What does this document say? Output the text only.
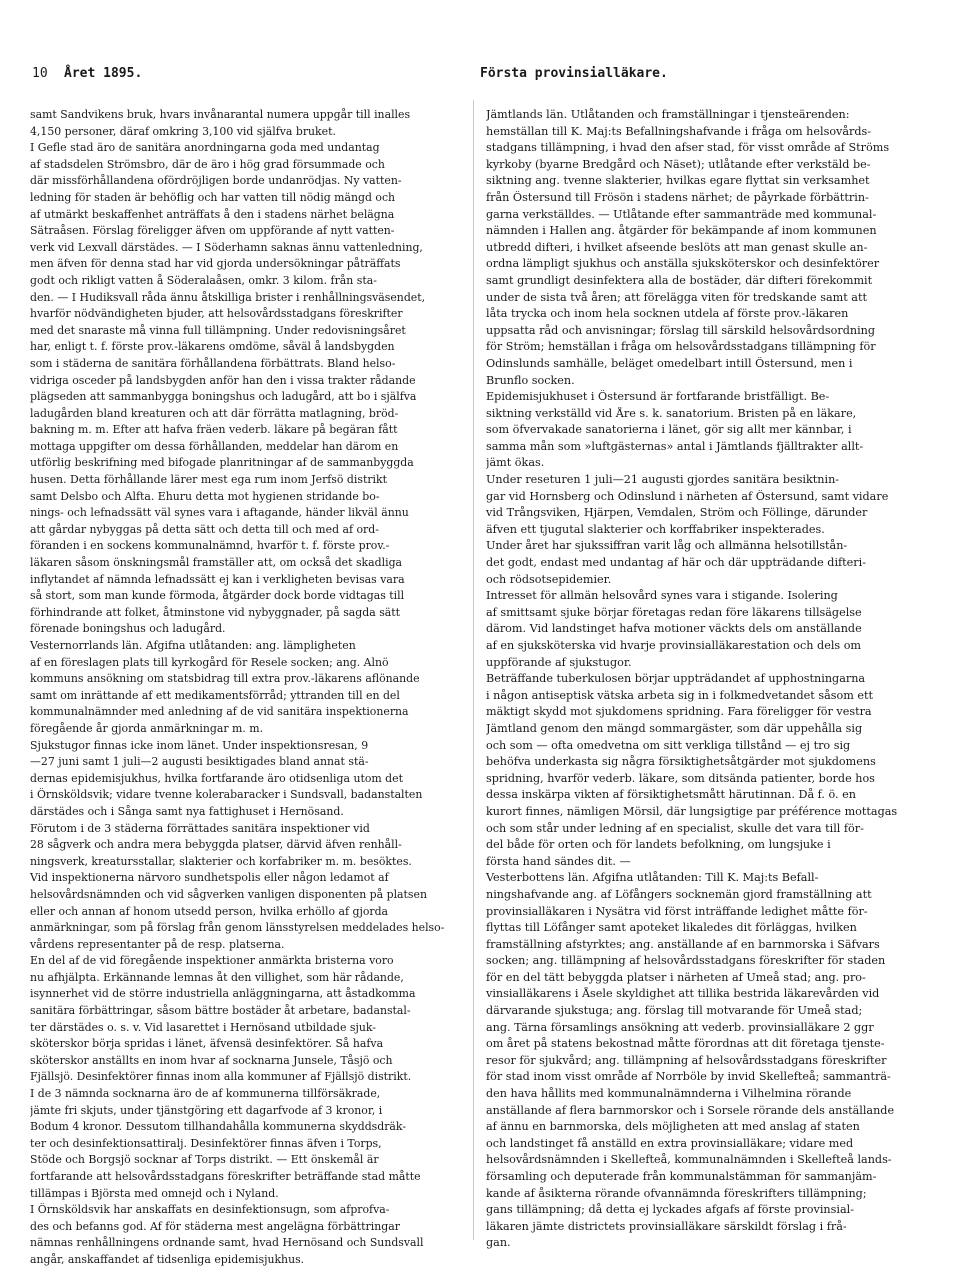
10 Året 1895.	Första provinsialläkare.
samt Sandvikens bruk, hvars invånarantal numera uppgår till inalles
4,150 personer, däraf omkring 3,100 vid själfva bruket.
I Gefle stad äro de sanitära anordningarna goda med undantag
af stadsdelen Strömsbro, där de äro i hög grad försummade och
där missförhållandena ofördröjligen borde undanrödjas. Ny vatten-
ledning för staden är behöflig och har vatten till nödig mängd och
af utmärkt beskaffenhet anträffats å den i stadens närhet belägna
Sätraåsen. Förslag föreligger äfven om uppförande af nytt vatten-
verk vid Lexvall därstädes. — I Söderhamn saknas ännu vattenledning,
men äfven för denna stad har vid gjorda undersökningar påträffats
godt och rikligt vatten å Söderalaåsen, omkr. 3 kilom. från sta-
den. — I Hudiksvall råda ännu åtskilliga brister i renhållningsväsendet,
hvarför nödvändigheten bjuder, att helsovårdsstadgans föreskrifter
med det snaraste må vinna full tillämpning. Under redovisningsåret
har, enligt t. f. förste prov.-läkarens omdöme, såväl å landsbygden
som i städerna de sanitära förhållandena förbättrats. Bland helso-
vidriga osceder på landsbygden anför han den i vissa trakter rådande
plägseden att sammanbygga boningshus och ladugård, att bo i själfva
ladugården bland kreaturen och att där förrätta matlagning, bröd-
bakning m. m. Efter att hafva fräen vederb. läkare på begäran fått
mottaga uppgifter om dessa förhållanden, meddelar han därom en
utförlig beskrifning med bifogade planritningar af de sammanbyggda
husen. Detta förhållande lärer mest ega rum inom Jerfsö distrikt
samt Delsbo och Alfta. Ehuru detta mot hygienen stridande bo-
nings- och lefnadssätt väl synes vara i aftagande, händer likväl ännu
att gårdar nybyggas på detta sätt och detta till och med af ord-
föranden i en sockens kommunalnämnd, hvarför t. f. förste prov.-
läkaren såsom önskningsmål framställer att, om också det skadliga
inflytandet af nämnda lefnadssätt ej kan i verkligheten bevisas vara
så stort, som man kunde förmoda, åtgärder dock borde vidtagas till
förhindrande att folket, åtminstone vid nybyggnader, på sagda sätt
förenade boningshus och ladugård.
Vesternorrlands län. Afgifna utlåtanden: ang. lämpligheten
af en föreslagen plats till kyrkogård för Resele socken; ang. Alnö
kommuns ansökning om statsbidrag till extra prov.-läkarens aflönande
samt om inrättande af ett medikamentsförråd; yttranden till en del
kommunalnämnder med anledning af de vid sanitära inspektionerna
föregående år gjorda anmärkningar m. m.
Sjukstugor finnas icke inom länet. Under inspektionsresan, 9
—27 juni samt 1 juli—2 augusti besiktigades bland annat stä-
dernas epidemisjukhus, hvilka fortfarande äro otidsenliga utom det
i Örnsköldsvik; vidare tvenne kolerabaracker i Sundsvall, badanstalten
därstädes och i Sånga samt nya fattighuset i Hernösand.
Förutom i de 3 städerna förrättades sanitära inspektioner vid
28 sågverk och andra mera bebyggda platser, därvid äfven renhåll-
ningsverk, kreatursstallar, slakterier och korfabriker m. m. besöktes.
Vid inspektionerna närvoro sundhetspolis eller någon ledamot af
helsovårdsnämnden och vid sågverken vanligen disponenten på platsen
eller och annan af honom utsedd person, hvilka erhöllo af gjorda
anmärkningar, som på förslag från genom länsstyrelsen meddelades helso-
vårdens representanter på de resp. platserna.
En del af de vid föregående inspektioner anmärkta bristerna voro
nu afhjälpta. Erkännande lemnas åt den villighet, som här rådande,
isynnerhet vid de större industriella anläggningarna, att åstadkomma
sanitära förbättringar, såsom bättre bostäder åt arbetare, badanstal-
ter därstädes o. s. v. Vid lasarettet i Hernösand utbildade sjuk-
sköterskor börja spridas i länet, äfvensä desinfektörer. Så hafva
sköterskor anställts en inom hvar af socknarna Junsele, Tåsjö och
Fjällsjö. Desinfektörer finnas inom alla kommuner af Fjällsjö distrikt.
I de 3 nämnda socknarna äro de af kommunerna tillförsäkrade,
jämte fri skjuts, under tjänstgöring ett dagarfvode af 3 kronor, i
Bodum 4 kronor. Dessutom tillhandahålla kommunerna skyddsdräk-
ter och desinfektionsattiralj. Desinfektörer finnas äfven i Torps,
Stöde och Borgsjö socknar af Torps distrikt. — Ett önskemål är
fortfarande att helsovårdsstadgans föreskrifter beträffande stad måtte
tillämpas i Björsta med omnejd och i Nyland.
I Örnsköldsvik har anskaffats en desinfektionsugn, som afprofva-
des och befanns god. Af för städerna mest angelägna förbättringar
nämnas renhållningens ordnande samt, hvad Hernösand och Sundsvall
angår, anskaffandet af tidsenliga epidemisjukhus.
Jämtlands län. Utlåtanden och framställningar i tjensteärenden:
hemställan till K. Maj:ts Befallningshafvande i fråga om helsovårds-
stadgans tillämpning, i hvad den afser stad, för visst område af Ströms
kyrkoby (byarne Bredgård och Näset); utlåtande efter verkstäld be-
siktning ang. tvenne slakterier, hvilkas egare flyttat sin verksamhet
från Östersund till Frösön i stadens närhet; de påyrkade förbättrin-
garna verkställdes. — Utlåtande efter sammanträde med kommunal-
nämnden i Hallen ang. åtgärder för bekämpande af inom kommunen
utbredd difteri, i hvilket afseende beslöts att man genast skulle an-
ordna lämpligt sjukhus och anställa sjuksköterskor och desinfektörer
samt grundligt desinfektera alla de bostäder, där difteri förekommit
under de sista två åren; att föreläggа viten för tredskande samt att
låta trycka och inom hela socknen utdela af förste prov.-läkaren
uppsatta råd och anvisningar; förslag till särskild helsovårdsordning
för Ström; hemställan i fråga om helsovårdsstadgans tillämpning för
Odinslunds samhälle, beläget omedelbart intill Östersund, men i
Brunflo socken.
Epidemisjukhuset i Östersund är fortfarande bristfälligt. Be-
siktning verkställd vid Åre s. k. sanatorium. Bristen på en läkare,
som öfvervakade sanatorierna i länet, gör sig allt mer kännbar, i
samma mån som »luftgästernas» antal i Jämtlands fjälltrakter allt-
jämt ökas.
Under reseturen 1 juli—21 augusti gjordes sanitära besiktnin-
gar vid Hornsberg och Odinslund i närheten af Östersund, samt vidare
vid Trångsviken, Hjärpen, Vemdalen, Ström och Föllinge, därunder
äfven ett tjugutal slakterier och korffabriker inspekterades.
Under året har sjukssiffran varit låg och allmänna helsotillstån-
det godt, endast med undantag af här och där uppträdande difteri-
och rödsotsepidemier.
Intresset för allmän helsovård synes vara i stigande. Isolering
af smittsamt sjuke börjar företagas redan före läkarens tillsägelse
därom. Vid landstinget hafva motioner väckts dels om anställande
af en sjuksköterska vid hvarje provinsialläkarestation och dels om
uppförande af sjukstugor.
Beträffande tuberkulosen börjar uppträdandet af upphostningarna
i någon antiseptisk vätska arbeta sig in i folkmedvetandet såsom ett
mäktigt skydd mot sjukdomens spridning. Fara föreligger för vestra
Jämtland genom den mängd sommargäster, som där uppehålla sig
och som — ofta omedvetna om sitt verkliga tillstånd — ej tro sig
behöfva underkasta sig några försiktighetsåtgärder mot sjukdomens
spridning, hvarför vederb. läkare, som ditsända patienter, borde hos
dessa inskärpa vikten af försiktighetsmått härutinnan. Då f. ö. en
kurort finnes, nämligen Mörsil, där lungsigtige par préférence mottagas
och som står under ledning af en specialist, skulle det vara till för-
del både för orten och för landets befolkning, om lungsjuke i
första hand sändes dit. —
Vesterbottens län. Afgifna utlåtanden: Till K. Maj:ts Befall-
ningshafvande ang. af Löfångers socknemän gjord framställning att
provinsialläkaren i Nysätra vid först inträffande ledighet måtte för-
flyttas till Löfånger samt apoteket likaledes dit förläggas, hvilken
framställning afstyrktes; ang. anställande af en barnmorska i Säfvars
socken; ang. tillämpning af helsovårdsstadgans föreskrifter för staden
för en del tätt bebyggda platser i närheten af Umeå stad; ang. pro-
vinsialläkarens i Åsele skyldighet att tillika bestrida läkarevården vid
därvarande sjukstuga; ang. förslag till motvarande för Umeå stad;
ang. Tärna församlings ansökning att vederb. provinsialläkare 2 ggr
om året på statens bekostnad måtte förordnas att dit företaga tjenste-
resor för sjukvård; ang. tillämpning af helsovårdsstadgans föreskrifter
för stad inom visst område af Norrböle by invid Skellefteå; sammanträ-
den hava hållits med kommunalnämnderna i Vilhelmina rörande
anställande af flera barnmorskor och i Sorsele rörande dels anställande
af ännu en barnmorska, dels möjligheten att med anslag af staten
och landstinget få anställd en extra provinsialläkare; vidare med
helsovårdsnämnden i Skellefteå, kommunalnämnden i Skellefteå lands-
församling och deputerade från kommunalstämman för sammanjäm-
kande af åsikterna rörande ofvannämnda föreskrifters tillämpning;
gans tillämpning; då detta ej lyckades afgafs af förste provinsial-
läkaren jämte districtets provinsialläkare särskildt förslag i frå-
gan.
